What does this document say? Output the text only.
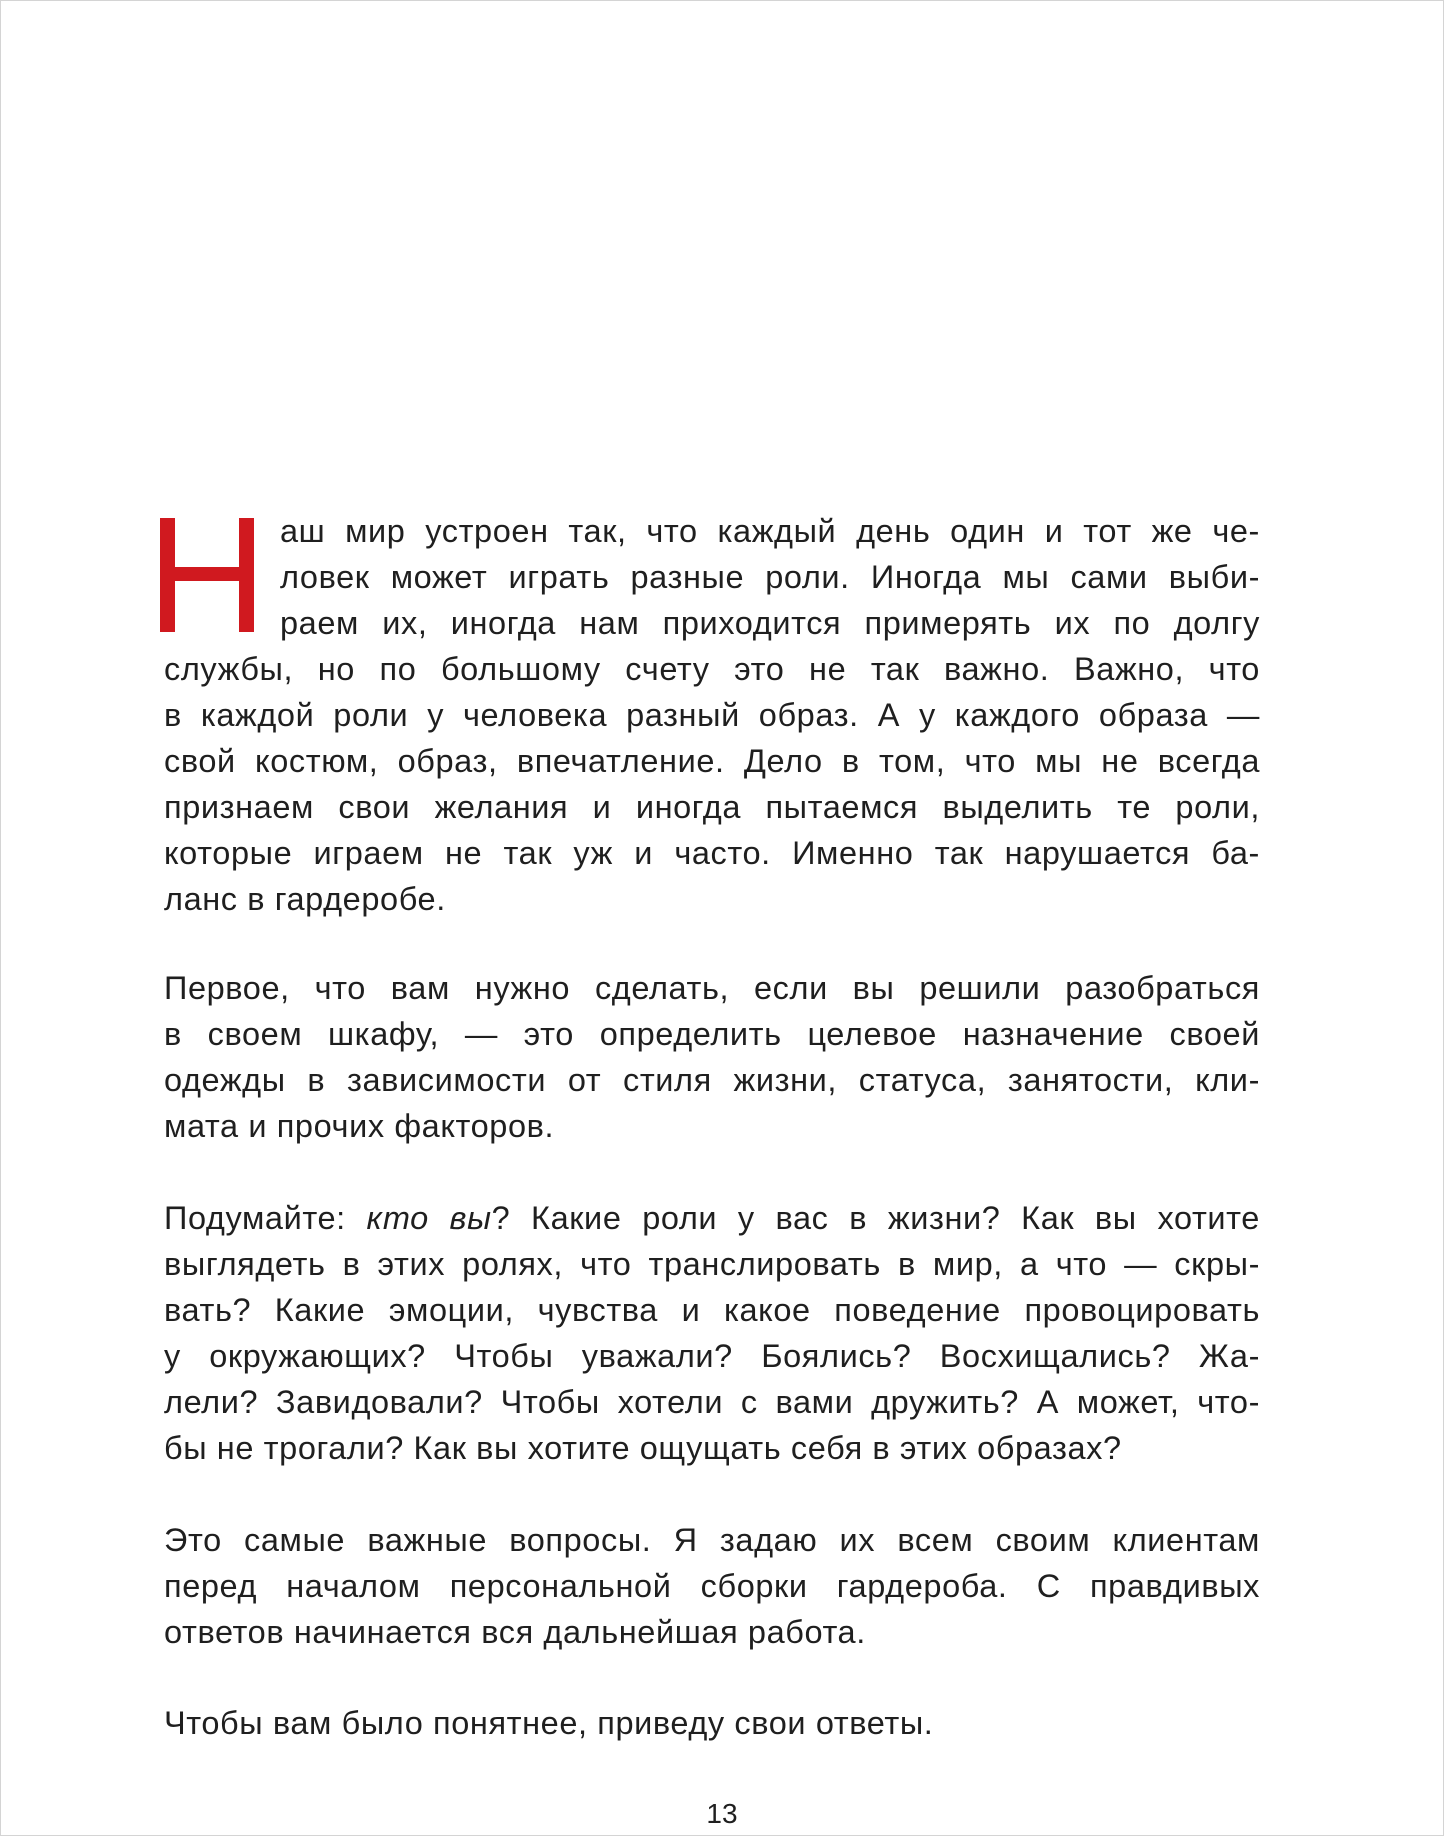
аш мир устроен так, что каждый день один и тот же че-
ловек может играть разные роли. Иногда мы сами выби-
раем их, иногда нам приходится примерять их по долгу
службы, но по большому счету это не так важно. Важно, что
в каждой роли у человека разный образ. А у каждого образа —
свой костюм, образ, впечатление. Дело в том, что мы не всегда
признаем свои желания и иногда пытаемся выделить те роли,
которые играем не так уж и часто. Именно так нарушается ба-
ланс в гардеробе.
Первое, что вам нужно сделать, если вы решили разобраться
в своем шкафу, — это определить целевое назначение своей
одежды в зависимости от стиля жизни, статуса, занятости, кли-
мата и прочих факторов.
Подумайте: кто вы? Какие роли у вас в жизни? Как вы хотите
выглядеть в этих ролях, что транслировать в мир, а что — скры-
вать? Какие эмоции, чувства и какое поведение провоцировать
у окружающих? Чтобы уважали? Боялись? Восхищались? Жа-
лели? Завидовали? Чтобы хотели с вами дружить? А может, что-
бы не трогали? Как вы хотите ощущать себя в этих образах?
Это самые важные вопросы. Я задаю их всем своим клиентам
перед началом персональной сборки гардероба. С правдивых
ответов начинается вся дальнейшая работа.
Чтобы вам было понятнее, приведу свои ответы.
13
